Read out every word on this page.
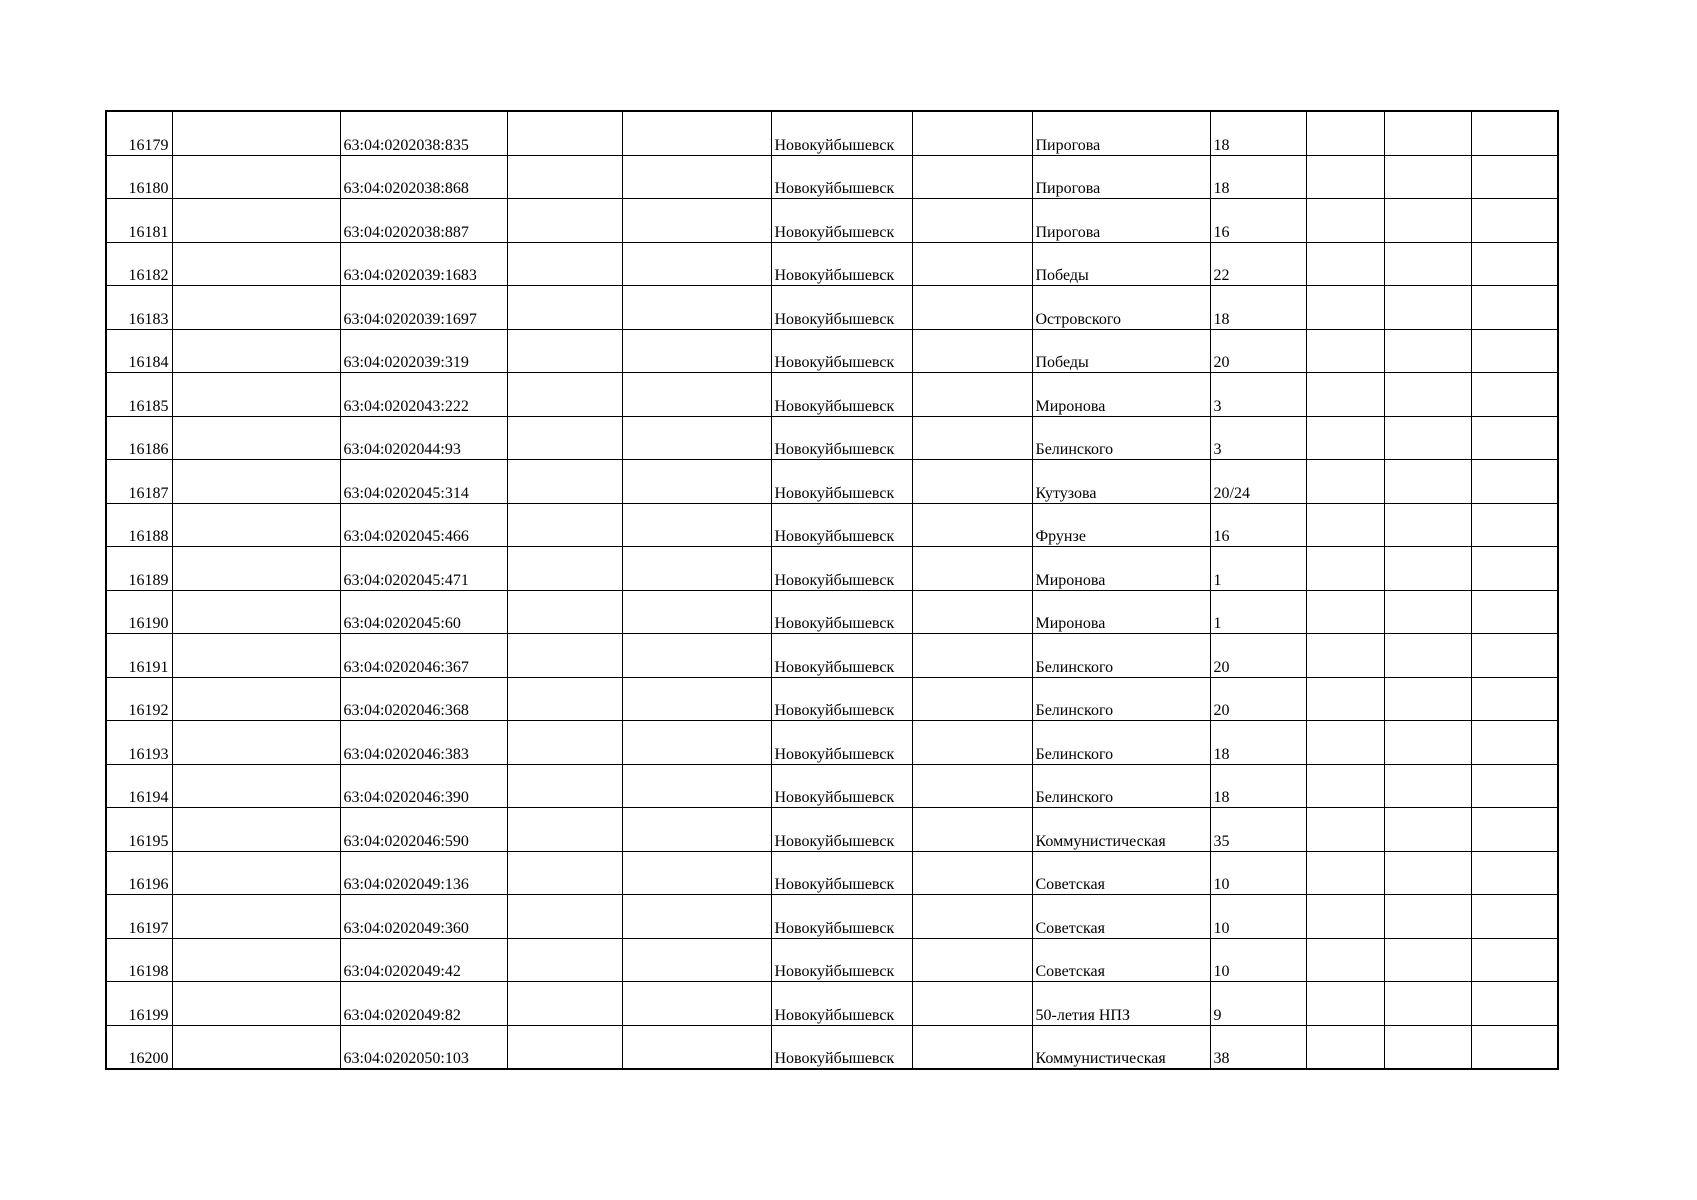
16179		63:04:0202038:835			Новокуйбышевск		Пирогова	18			
16180		63:04:0202038:868			Новокуйбышевск		Пирогова	18			
16181		63:04:0202038:887			Новокуйбышевск		Пирогова	16			
16182		63:04:0202039:1683			Новокуйбышевск		Победы	22			
16183		63:04:0202039:1697			Новокуйбышевск		Островского	18			
16184		63:04:0202039:319			Новокуйбышевск		Победы	20			
16185		63:04:0202043:222			Новокуйбышевск		Миронова	3			
16186		63:04:0202044:93			Новокуйбышевск		Белинского	3			
16187		63:04:0202045:314			Новокуйбышевск		Кутузова	20/24			
16188		63:04:0202045:466			Новокуйбышевск		Фрунзе	16			
16189		63:04:0202045:471			Новокуйбышевск		Миронова	1			
16190		63:04:0202045:60			Новокуйбышевск		Миронова	1			
16191		63:04:0202046:367			Новокуйбышевск		Белинского	20			
16192		63:04:0202046:368			Новокуйбышевск		Белинского	20			
16193		63:04:0202046:383			Новокуйбышевск		Белинского	18			
16194		63:04:0202046:390			Новокуйбышевск		Белинского	18			
16195		63:04:0202046:590			Новокуйбышевск		Коммунистическая	35			
16196		63:04:0202049:136			Новокуйбышевск		Советская	10			
16197		63:04:0202049:360			Новокуйбышевск		Советская	10			
16198		63:04:0202049:42			Новокуйбышевск		Советская	10			
16199		63:04:0202049:82			Новокуйбышевск		50-летия НПЗ	9			
16200		63:04:0202050:103			Новокуйбышевск		Коммунистическая	38			
